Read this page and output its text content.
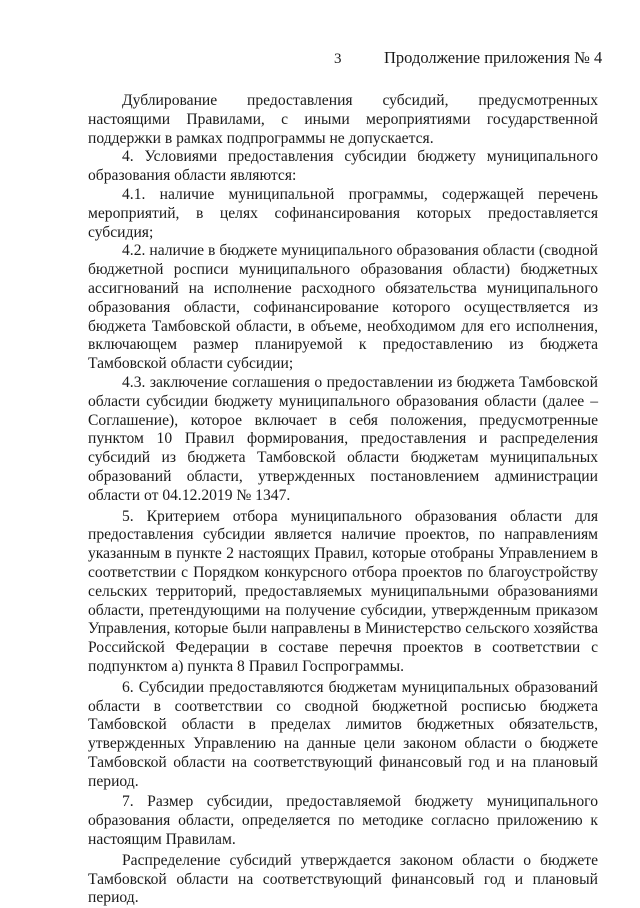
3	Продолжение приложения № 4

Дублирование предоставления субсидий, предусмотренных настоящими Правилами, с иными мероприятиями государственной поддержки в рамках подпрограммы не допускается.

4. Условиями предоставления субсидии бюджету муниципального образования области являются:

4.1. наличие муниципальной программы, содержащей перечень мероприятий, в целях софинансирования которых предоставляется субсидия;

4.2. наличие в бюджете муниципального образования области (сводной бюджетной росписи муниципального образования области) бюджетных ассигнований на исполнение расходного обязательства муниципального образования области, софинансирование которого осуществляется из бюджета Тамбовской области, в объеме, необходимом для его исполнения, включающем размер планируемой к предоставлению из бюджета Тамбовской области субсидии;

4.3. заключение соглашения о предоставлении из бюджета Тамбовской области субсидии бюджету муниципального образования области (далее – Соглашение), которое включает в себя положения, предусмотренные пунктом 10 Правил формирования, предоставления и распределения субсидий из бюджета Тамбовской области бюджетам муниципальных образований области, утвержденных постановлением администрации области от 04.12.2019 № 1347.

5. Критерием отбора муниципального образования области для предоставления субсидии является наличие проектов, по направлениям указанным в пункте 2 настоящих Правил, которые отобраны Управлением в соответствии с Порядком конкурсного отбора проектов по благоустройству сельских территорий, предоставляемых муниципальными образованиями области, претендующими на получение субсидии, утвержденным приказом Управления, которые были направлены в Министерство сельского хозяйства Российской Федерации в составе перечня проектов в соответствии с подпунктом а) пункта 8 Правил Госпрограммы.

6. Субсидии предоставляются бюджетам муниципальных образований области в соответствии со сводной бюджетной росписью бюджета Тамбовской области в пределах лимитов бюджетных обязательств, утвержденных Управлению на данные цели законом области о бюджете Тамбовской области на соответствующий финансовый год и на плановый период.

7. Размер субсидии, предоставляемой бюджету муниципального образования области, определяется по методике согласно приложению к настоящим Правилам.

Распределение субсидий утверждается законом области о бюджете Тамбовской области на соответствующий финансовый год и плановый период.
